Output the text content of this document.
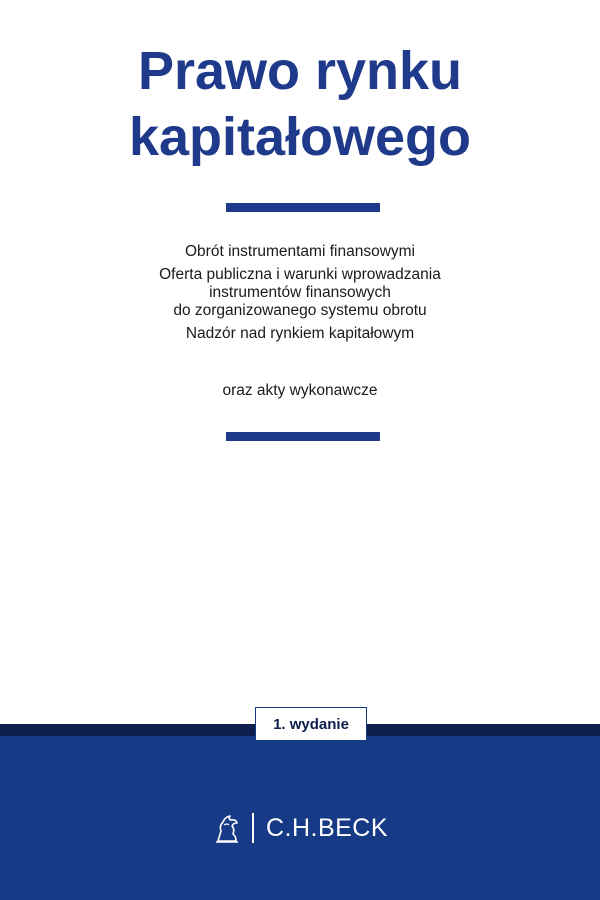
Prawo rynku
kapitałowego

Obrót instrumentami finansowymi

Oferta publiczna i warunki wprowadzania
instrumentów finansowych
do zorganizowanego systemu obrotu

Nadzór nad rynkiem kapitałowym

oraz akty wykonawcze
1. wydanie
C.H.BECK
